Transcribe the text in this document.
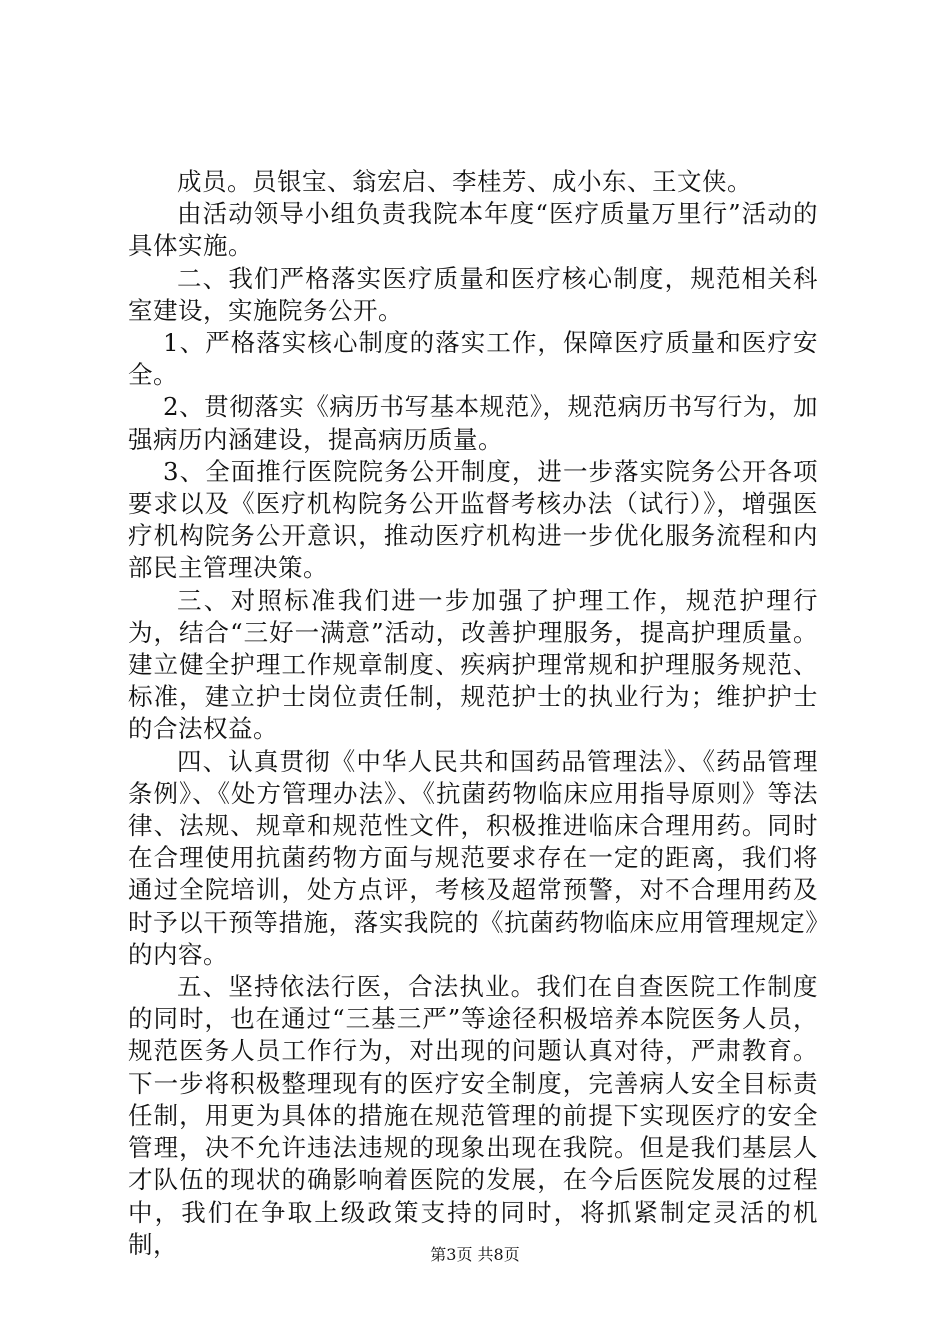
成员。员银宝、翁宏启、李桂芳、成小东、王文侠。

由活动领导小组负责我院本年度“医疗质量万里行”活动的具体实施。

二、我们严格落实医疗质量和医疗核心制度，规范相关科室建设，实施院务公开。

1、严格落实核心制度的落实工作，保障医疗质量和医疗安全。

2、贯彻落实《病历书写基本规范》，规范病历书写行为，加强病历内涵建设，提高病历质量。

3、全面推行医院院务公开制度，进一步落实院务公开各项要求以及《医疗机构院务公开监督考核办法（试行）》，增强医疗机构院务公开意识，推动医疗机构进一步优化服务流程和内部民主管理决策。

三、对照标准我们进一步加强了护理工作，规范护理行为，结合“三好一满意”活动，改善护理服务，提高护理质量。建立健全护理工作规章制度、疾病护理常规和护理服务规范、标准，建立护士岗位责任制，规范护士的执业行为；维护护士的合法权益。

四、认真贯彻《中华人民共和国药品管理法》、《药品管理条例》、《处方管理办法》、《抗菌药物临床应用指导原则》等法律、法规、规章和规范性文件，积极推进临床合理用药。同时在合理使用抗菌药物方面与规范要求存在一定的距离，我们将通过全院培训，处方点评，考核及超常预警，对不合理用药及时予以干预等措施，落实我院的《抗菌药物临床应用管理规定》的内容。

五、坚持依法行医，合法执业。我们在自查医院工作制度的同时，也在通过“三基三严”等途径积极培养本院医务人员，规范医务人员工作行为，对出现的问题认真对待，严肃教育。下一步将积极整理现有的医疗安全制度，完善病人安全目标责任制，用更为具体的措施在规范管理的前提下实现医疗的安全管理，决不允许违法违规的现象出现在我院。但是我们基层人才队伍的现状的确影响着医院的发展，在今后医院发展的过程中，我们在争取上级政策支持的同时，将抓紧制定灵活的机制，	第3页 共8页
